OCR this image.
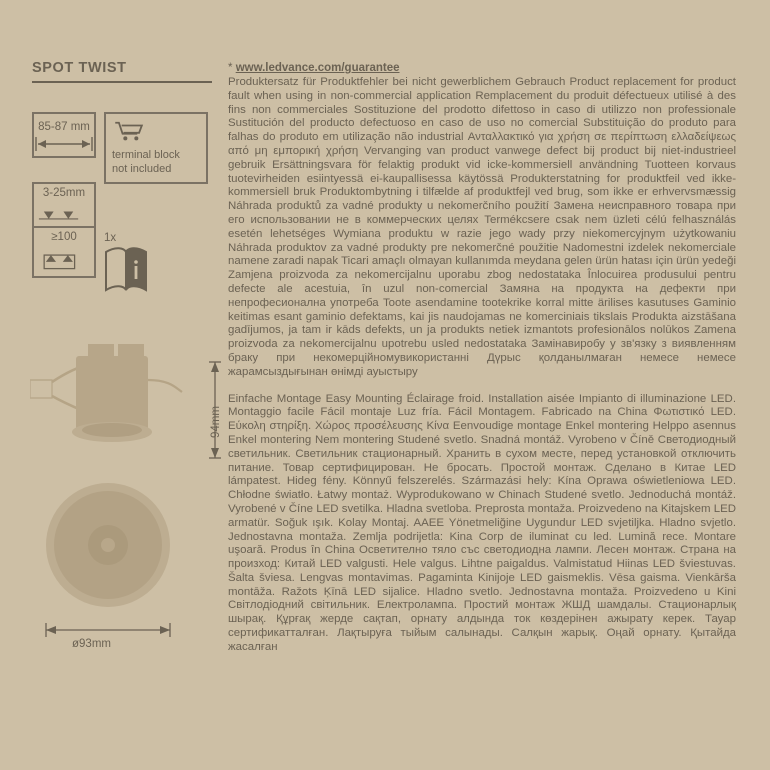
SPOT TWIST
85-87 mm
terminal block
not included
3-25mm
≥100 1x
94mm
ø93mm
* www.ledvance.com/guarantee

Produktersatz für Produktfehler bei nicht gewerblichem Gebrauch Product replacement for product fault when using in non-commercial application Remplacement du produit défectueux utilisé à des fins non commerciales Sostituzione del prodotto difettoso in caso di utilizzo non professionale Sustitución del producto defectuoso en caso de uso no comercial Substituição do produto para falhas do produto em utilização não industrial Ανταλλακτικό για χρήση σε περίπτωση ελλαδείψεως από μη εμπορική χρήση Vervanging van product vanwege defect bij product bij niet-industrieel gebruik Ersättningsvara för felaktig produkt vid icke-kommersiell användning Tuotteen korvaus tuotevirheiden esiintyessä ei-kaupallisessa käytössä Produkterstatning for produktfeil ved ikke-kommersiell bruk Produktombytning i tilfælde af produktfejl ved brug, som ikke er erhvervsmæssig Náhrada produktů za vadné produkty u nekomerčního použití Замена неисправного товара при его использовании не в коммерческих целях Termékcsere csak nem üzleti célú felhasználás esetén lehetséges Wymiana produktu w razie jego wady przy niekomercyjnym użytkowaniu Náhrada produktov za vadné produkty pre nekomerčné použitie Nadomestni izdelek nekomerciale namene zaradi napak Ticari amaçlı olmayan kullanımda meydana gelen ürün hatası için ürün yedeği Zamjena proizvoda za nekomercijalnu uporabu zbog nedostataka Înlocuirea produsului pentru defecte ale acestuia, în uzul non-comercial Замяна на продукта на дефекти при непрофесионална употреба Toote asendamine tootekrike korral mitte ärilises kasutuses Gaminio keitimas esant gaminio defektams, kai jis naudojamas ne komerciniais tikslais Produkta aizstāšana gadījumos, ja tam ir kāds defekts, un ja produkts netiek izmantots profesionālos nolūkos Zamena proizvoda za nekomercijalnu upotrebu usled nedostataka Замінавиробу у зв'язку з виявленням браку при некомерційномувикористанні Дүрыс қолданылмаған немесе немесе жарамсыздығынан өнімді ауыстыру

Einfache Montage Easy Mounting Éclairage froid. Installation aisée Impianto di illuminazione LED. Montaggio facile Fácil montaje Luz fría. Fácil Montagem. Fabricado na China Φωτιστικό LED. Εύκολη στηρίξη. Χώρος προσέλευσης Κίνα Eenvoudige montage Enkel montering Helppo asennus Enkel montering Nem montering Studené svetlo. Snadná montáž. Vyrobeno v Číně Светодиодный светильник. Светильник стационарный. Хранить в сухом месте, перед установкой отключить питание. Товар сертифицирован. Не бросать. Простой монтаж. Сделано в Китае LED lámpatest. Hideg fény. Könnyű felszerelés. Származási hely: Kína Oprawa oświetleniowa LED. Chłodne światło. Łatwy montaż. Wyprodukowano w Chinach Studené svetlo. Jednoduchá montáž. Vyrobené v Číne LED svetilka. Hladna svetloba. Preprosta montaža. Proizvedeno na Kitajskem LED armatür. Soğuk ışık. Kolay Montaj. AAEE Yönetmeliğine Uygundur LED svjetiljka. Hladno svjetlo. Jednostavna montaža. Zemlja podrijetla: Kina Corp de iluminat cu led. Lumină rece. Montare uşoară. Produs în China Осветително тяло със светодиодна лампи. Лесен монтаж. Страна на произход: Китай LED valgusti. Hele valgus. Lihtne paigaldus. Valmistatud Hiinas LED šviestuvas. Šalta šviesa. Lengvas montavimas. Pagaminta Kinijoje LED gaismeklis. Vēsa gaisma. Vienkārša montāža. Ražots Ķīnā LED sijalice. Hladno svetlo. Jednostavna montaža. Proizvedeno u Kini Світлодіодний світильник. Електролампа. Простий монтаж ЖШД шамдалы. Стационарлық шырақ. Құрғақ жерде сақтап, орнату алдында ток көздерінен ажырату керек. Тауар сертификатталған. Лақтыруға тыйым салынады. Салқын жарық. Оңай орнату. Қытайда жасалған
